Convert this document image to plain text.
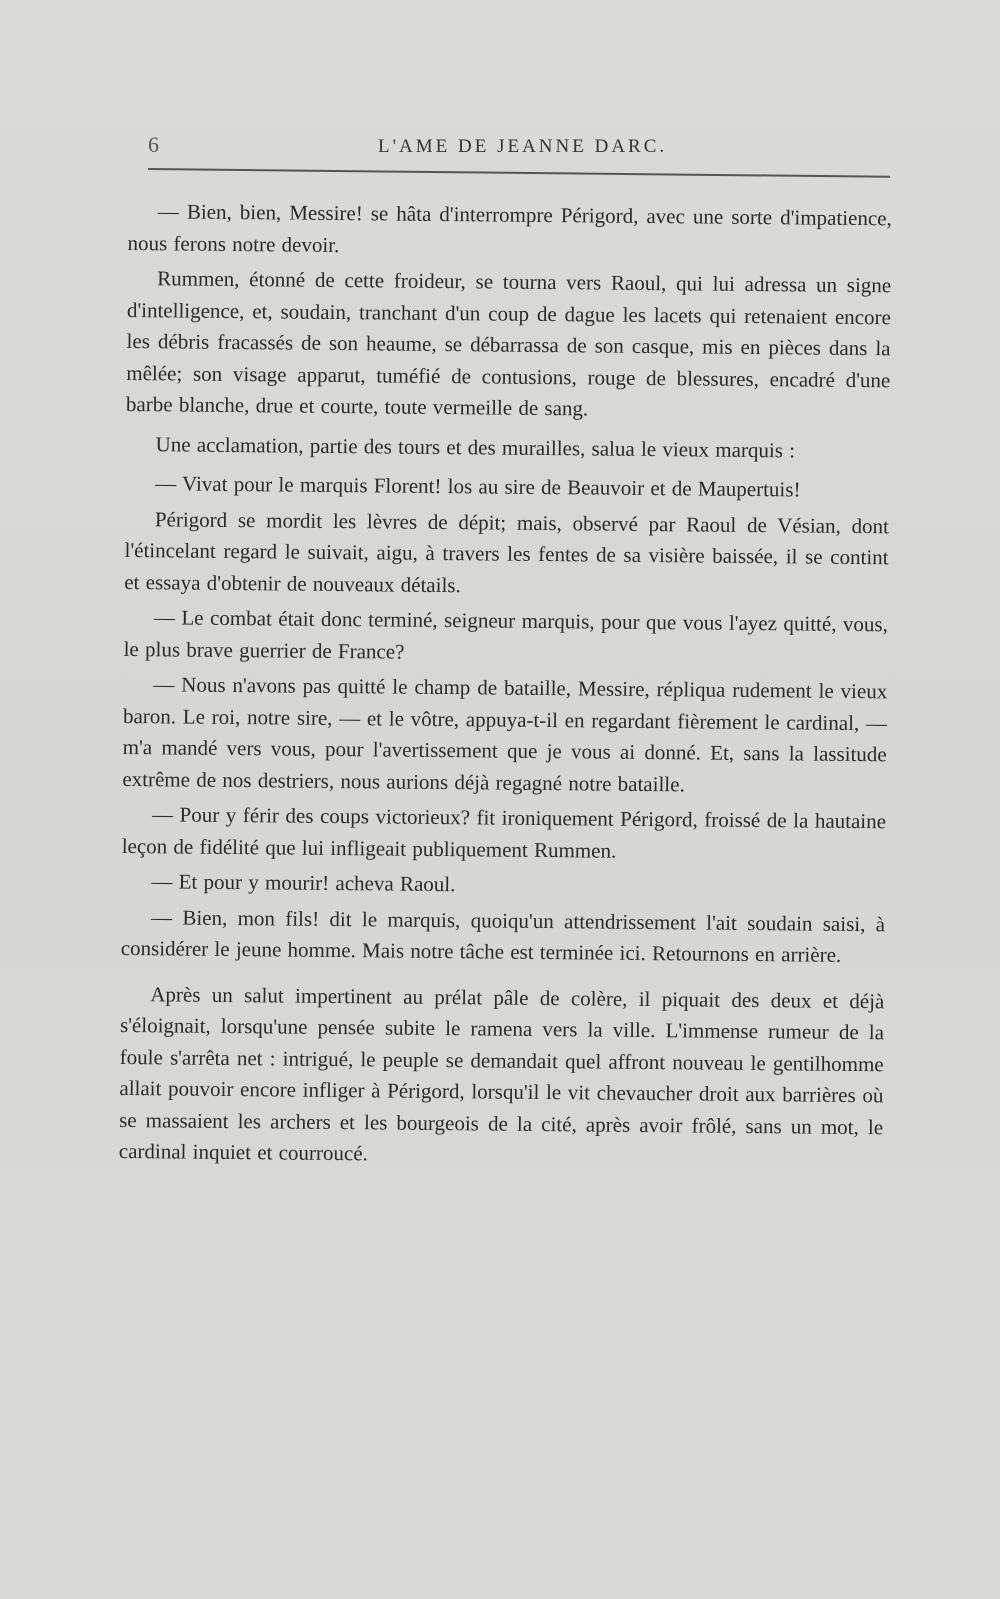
6	L'AME DE JEANNE DARC.

— Bien, bien, Messire! se hâta d'interrompre Périgord, avec une sorte d'impatience, nous ferons notre devoir.

Rummen, étonné de cette froideur, se tourna vers Raoul, qui lui adressa un signe d'intelligence, et, soudain, tranchant d'un coup de dague les lacets qui retenaient encore les débris fracassés de son heaume, se débarrassa de son casque, mis en pièces dans la mêlée; son visage apparut, tuméfié de contusions, rouge de blessures, encadré d'une barbe blanche, drue et courte, toute vermeille de sang.

Une acclamation, partie des tours et des murailles, salua le vieux marquis :

— Vivat pour le marquis Florent! los au sire de Beauvoir et de Maupertuis!

Périgord se mordit les lèvres de dépit; mais, observé par Raoul de Vésian, dont l'étincelant regard le suivait, aigu, à travers les fentes de sa visière baissée, il se contint et essaya d'obtenir de nouveaux détails.

— Le combat était donc terminé, seigneur marquis, pour que vous l'ayez quitté, vous, le plus brave guerrier de France?

— Nous n'avons pas quitté le champ de bataille, Messire, répliqua rudement le vieux baron. Le roi, notre sire, — et le vôtre, appuya-t-il en regardant fièrement le cardinal, — m'a mandé vers vous, pour l'avertissement que je vous ai donné. Et, sans la lassitude extrême de nos destriers, nous aurions déjà regagné notre bataille.

— Pour y férir des coups victorieux? fit ironiquement Périgord, froissé de la hautaine leçon de fidélité que lui infligeait publiquement Rummen.

— Et pour y mourir! acheva Raoul.

— Bien, mon fils! dit le marquis, quoiqu'un attendrissement l'ait soudain saisi, à considérer le jeune homme. Mais notre tâche est terminée ici. Retournons en arrière.

Après un salut impertinent au prélat pâle de colère, il piquait des deux et déjà s'éloignait, lorsqu'une pensée subite le ramena vers la ville. L'immense rumeur de la foule s'arrêta net : intrigué, le peuple se demandait quel affront nouveau le gentilhomme allait pouvoir encore infliger à Périgord, lorsqu'il le vit chevaucher droit aux barrières où se massaient les archers et les bourgeois de la cité, après avoir frôlé, sans un mot, le cardinal inquiet et courroucé.
